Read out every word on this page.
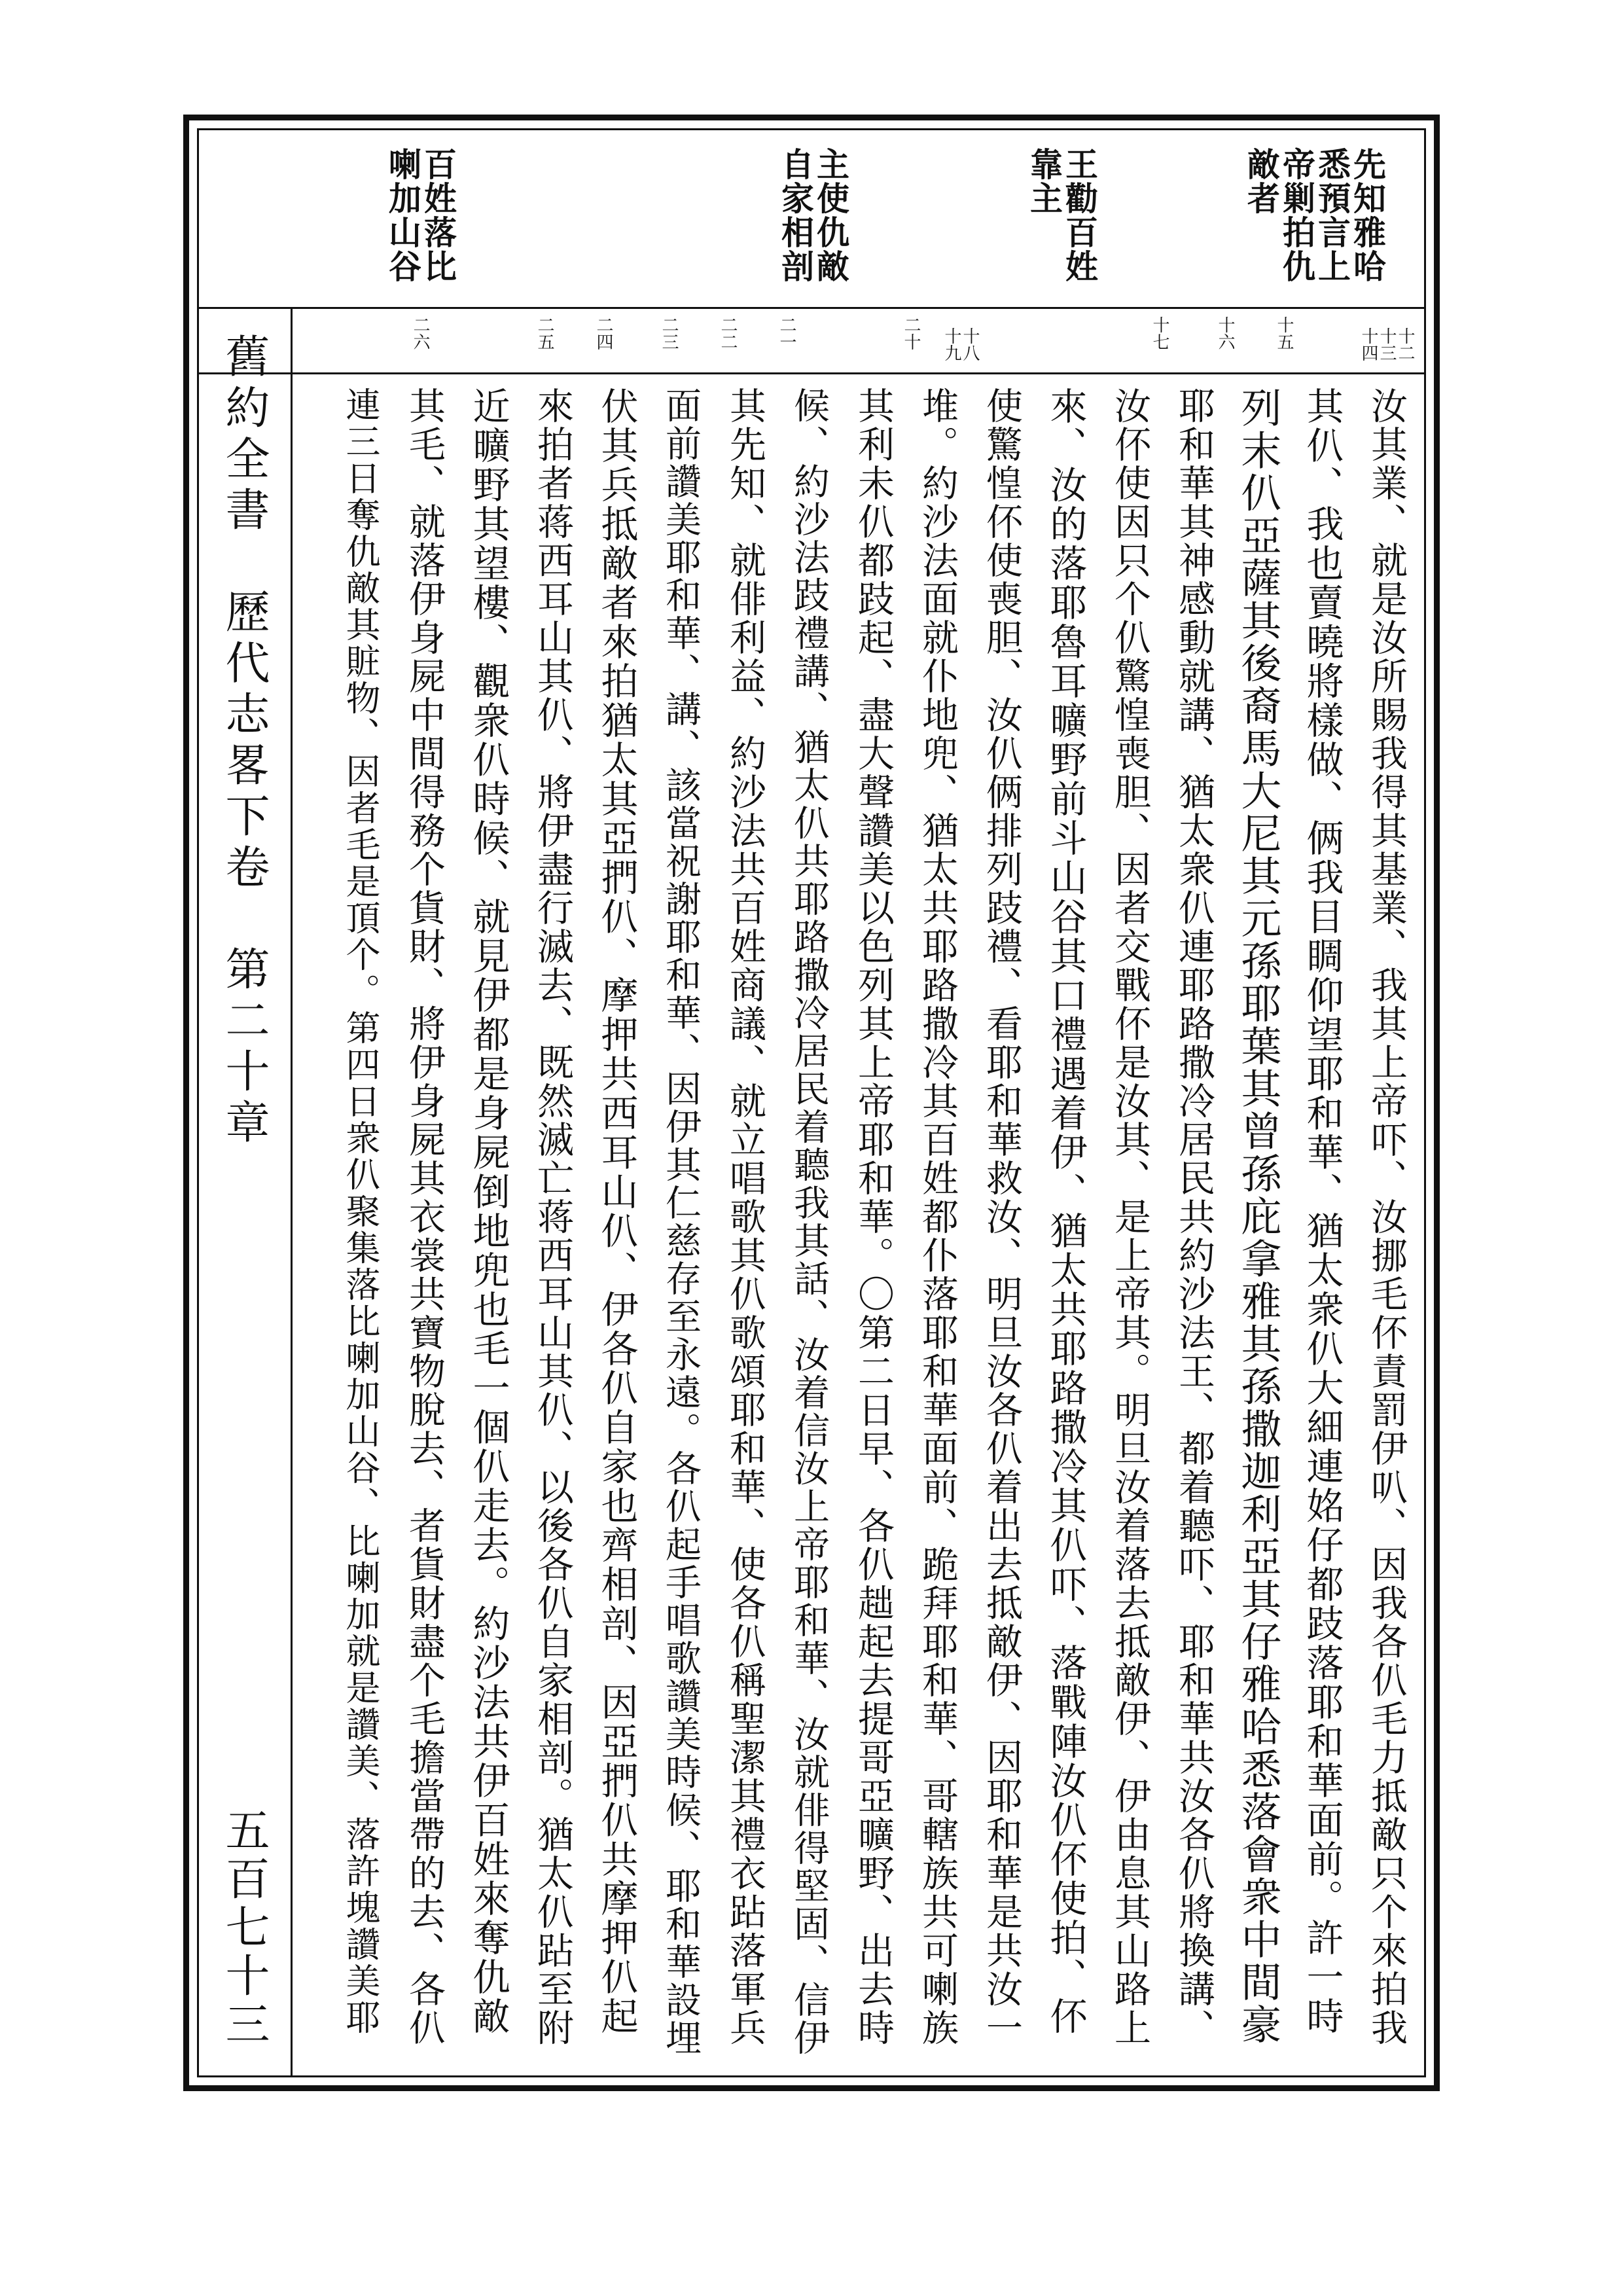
先知雅哈悉預言上帝剿拍仇敵者
王勸百姓靠主
主使仇敵自家相剖
百姓落比喇加山谷
十二 十三 十四
十五
十六
十七
十八 十九
二十
二一
二二
二三
二四
二五
二六
舊約全書　歷代志畧下卷　第二十章
五百七十三	汝其業、就是汝所賜我得其基業、我其上帝吓、汝挪毛伓責罰伊叭、因我各仈毛力抵敵只个來拍我
其仈、我也賣曉將樣做、俩我目睭仰望耶和華、猶太衆仈大細連姳仔都跂落耶和華面前。許一時
列末仈亞薩其後裔馬大尼其元孫耶葉其曾孫庇拿雅其孫撒迦利亞其仔雅哈悉落會衆中間豪
耶和華其神感動就講、猶太衆仈連耶路撒冷居民共約沙法王、都着聽吓、耶和華共汝各仈將換講、
汝伓使因只个仈驚惶喪胆、因者交戰伓是汝其、是上帝其。明旦汝着落去抵敵伊、伊由息其山路上
來、汝的落耶魯耳曠野前斗山谷其口禮遇着伊、猶太共耶路撒冷其仈吓、落戰陣汝仈伓使拍、伓
使驚惶伓使喪胆、汝仈俩排列跂禮、看耶和華救汝、明旦汝各仈着出去抵敵伊、因耶和華是共汝一
堆。約沙法面就仆地兜、猶太共耶路撒冷其百姓都仆落耶和華面前、跪拜耶和華、哥轄族共可喇族
其利未仈都跂起、盡大聲讚美以色列其上帝耶和華。〇第二日早、各仈趉起去提哥亞曠野、出去時
候、約沙法跂禮講、猶太仈共耶路撒冷居民着聽我其話、汝着信汝上帝耶和華、汝就俳得堅固、信伊
其先知、就俳利益、約沙法共百姓商議、就立唱歌其仈歌頌耶和華、使各仈稱聖潔其禮衣跕落軍兵
面前讚美耶和華、講、該當祝謝耶和華、因伊其仁慈存至永遠。各仈起手唱歌讚美時候、耶和華設埋
伏其兵抵敵者來拍猶太其亞捫仈、摩押共西耳山仈、伊各仈自家也齊相剖、因亞捫仈共摩押仈起
來拍者蒋西耳山其仈、將伊盡行滅去、既然滅亡蒋西耳山其仈、以後各仈自家相剖。猶太仈跕至附
近曠野其望樓、觀衆仈時候、就見伊都是身屍倒地兜也毛一個仈走去。約沙法共伊百姓來奪仇敵
其毛、就落伊身屍中間得務个貨財、將伊身屍其衣裳共寶物脫去、者貨財盡个毛擔當帶的去、各仈
連三日奪仇敵其賍物、因者毛是頂个。第四日衆仈聚集落比喇加山谷、比喇加就是讚美、落許塊讚美耶
